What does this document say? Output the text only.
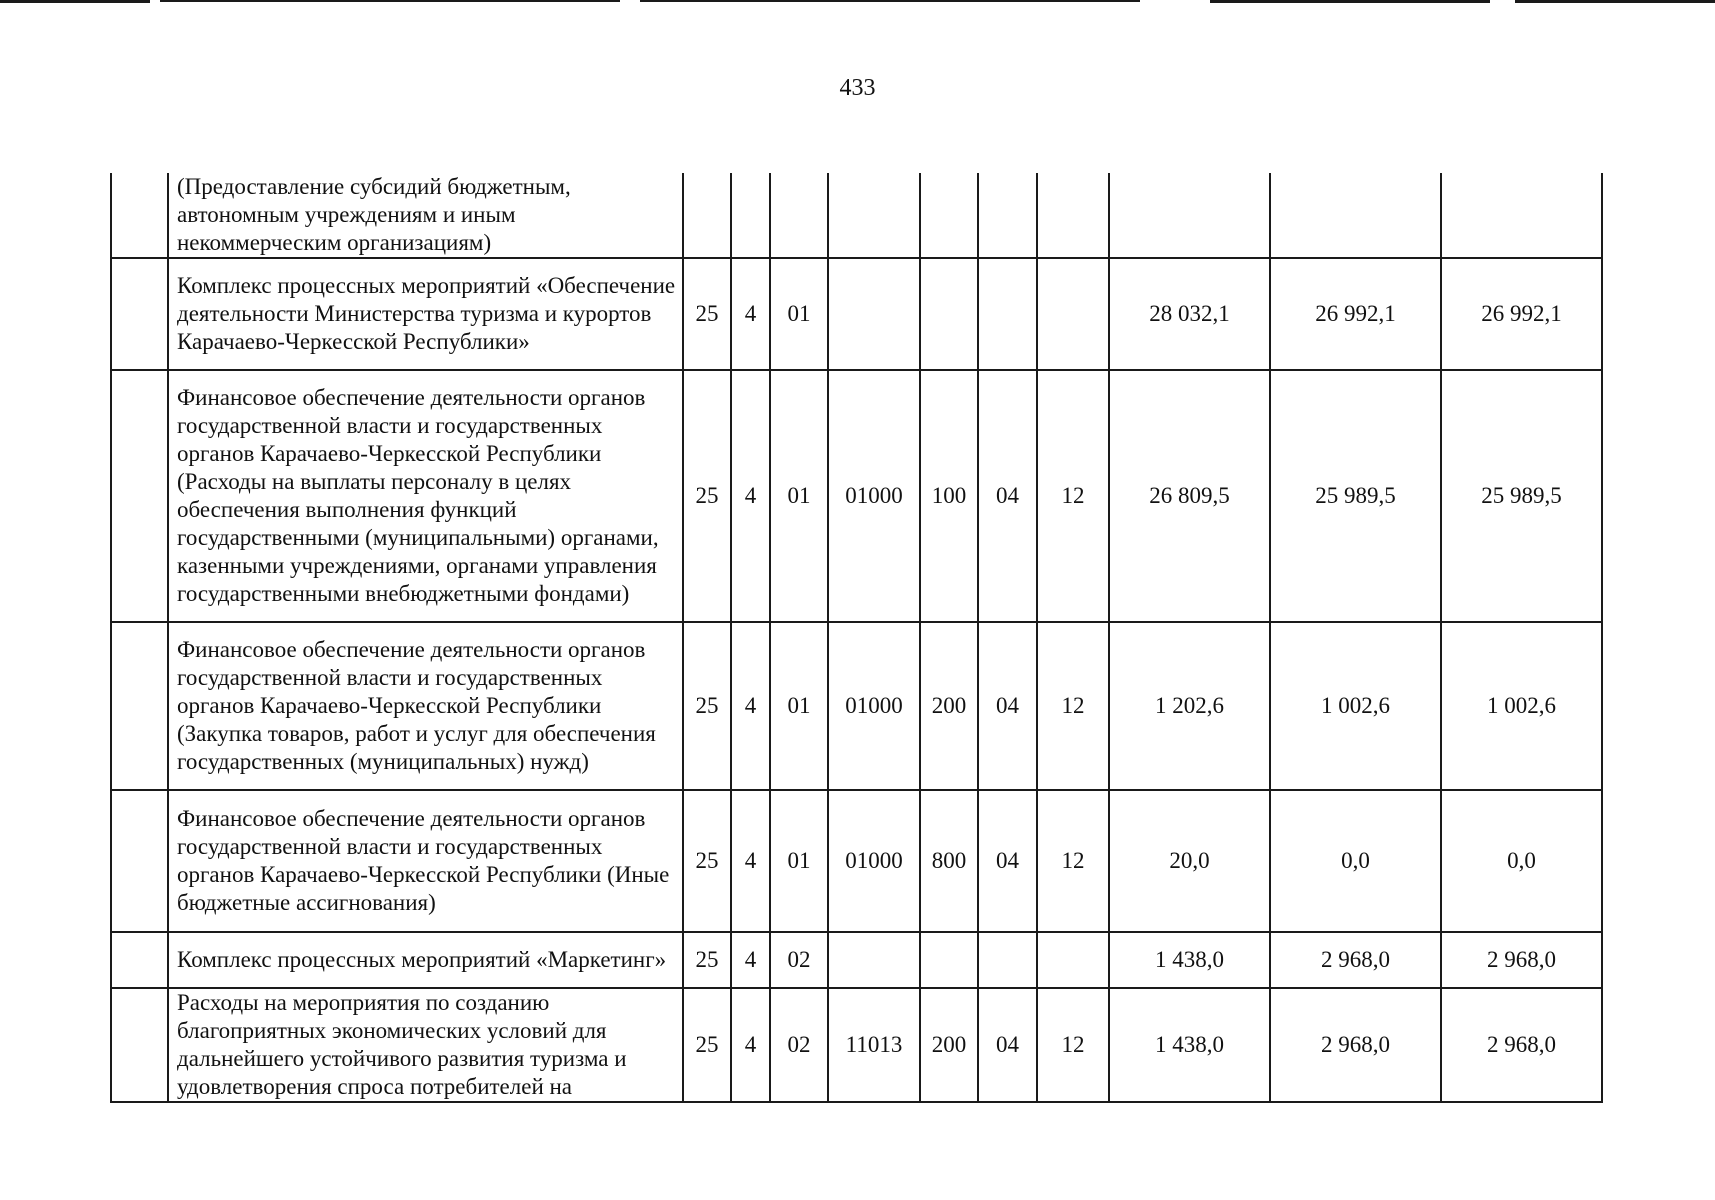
433
	(Предоставление субсидий бюджетным, автономным учреждениям и иным некоммерческим организациям)										
	Комплекс процессных мероприятий «Обеспечение деятельности Министерства туризма и курортов Карачаево-Черкесской Республики»	25	4	01					28 032,1	26 992,1	26 992,1
	Финансовое обеспечение деятельности органов государственной власти и государственных органов Карачаево-Черкесской Республики (Расходы на выплаты персоналу в целях обеспечения выполнения функций государственными (муниципальными) органами, казенными учреждениями, органами управления государственными внебюджетными фондами)	25	4	01	01000	100	04	12	26 809,5	25 989,5	25 989,5
	Финансовое обеспечение деятельности органов государственной власти и государственных органов Карачаево-Черкесской Республики (Закупка товаров, работ и услуг для обеспечения государственных (муниципальных) нужд)	25	4	01	01000	200	04	12	1 202,6	1 002,6	1 002,6
	Финансовое обеспечение деятельности органов государственной власти и государственных органов Карачаево-Черкесской Республики (Иные бюджетные ассигнования)	25	4	01	01000	800	04	12	20,0	0,0	0,0
	Комплекс процессных мероприятий «Маркетинг»	25	4	02					1 438,0	2 968,0	2 968,0
	Расходы на мероприятия по созданию благоприятных экономических условий для дальнейшего устойчивого развития туризма и удовлетворения спроса потребителей на	25	4	02	11013	200	04	12	1 438,0	2 968,0	2 968,0
